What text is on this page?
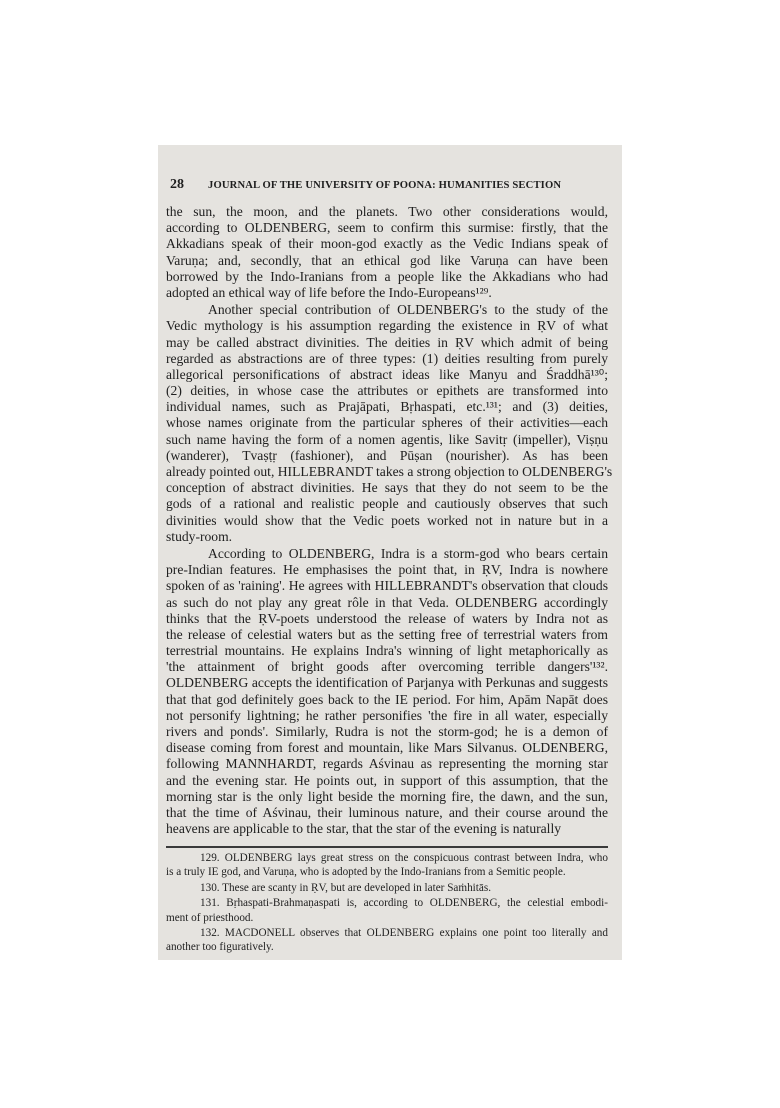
28 JOURNAL OF THE UNIVERSITY OF POONA: HUMANITIES SECTION
the sun, the moon, and the planets. Two other considerations would,
according to OLDENBERG, seem to confirm this surmise: firstly, that the
Akkadians speak of their moon-god exactly as the Vedic Indians speak of
Varuṇa; and, secondly, that an ethical god like Varuṇa can have been
borrowed by the Indo-Iranians from a people like the Akkadians who had
adopted an ethical way of life before the Indo-Europeans¹²⁹.
Another special contribution of OLDENBERG's to the study of the
Vedic mythology is his assumption regarding the existence in ṚV of what
may be called abstract divinities. The deities in ṚV which admit of being
regarded as abstractions are of three types: (1) deities resulting from purely
allegorical personifications of abstract ideas like Manyu and Śraddhā¹³⁰;
(2) deities, in whose case the attributes or epithets are transformed into
individual names, such as Prajāpati, Bṛhaspati, etc.¹³¹; and (3) deities,
whose names originate from the particular spheres of their activities—each
such name having the form of a nomen agentis, like Savitṛ (impeller), Viṣṇu
(wanderer), Tvaṣṭṛ (fashioner), and Pūṣan (nourisher). As has been
already pointed out, HILLEBRANDT takes a strong objection to OLDENBERG's
conception of abstract divinities. He says that they do not seem to be the
gods of a rational and realistic people and cautiously observes that such
divinities would show that the Vedic poets worked not in nature but in a
study-room.
According to OLDENBERG, Indra is a storm-god who bears certain
pre-Indian features. He emphasises the point that, in ṚV, Indra is nowhere
spoken of as 'raining'. He agrees with HILLEBRANDT's observation that clouds
as such do not play any great rôle in that Veda. OLDENBERG accordingly
thinks that the ṚV-poets understood the release of waters by Indra not as
the release of celestial waters but as the setting free of terrestrial waters from
terrestrial mountains. He explains Indra's winning of light metaphorically as
'the attainment of bright goods after overcoming terrible dangers'¹³².
OLDENBERG accepts the identification of Parjanya with Perkunas and suggests
that that god definitely goes back to the IE period. For him, Apām Napāt does
not personify lightning; he rather personifies 'the fire in all water, especially
rivers and ponds'. Similarly, Rudra is not the storm-god; he is a demon of
disease coming from forest and mountain, like Mars Silvanus. OLDENBERG,
following MANNHARDT, regards Aśvinau as representing the morning star
and the evening star. He points out, in support of this assumption, that the
morning star is the only light beside the morning fire, the dawn, and the sun,
that the time of Aśvinau, their luminous nature, and their course around the
heavens are applicable to the star, that the star of the evening is naturally
129. OLDENBERG lays great stress on the conspicuous contrast between Indra, who
is a truly IE god, and Varuṇa, who is adopted by the Indo-Iranians from a Semitic people.
130. These are scanty in ṚV, but are developed in later Saṁhitās.
131. Bṛhaspati-Brahmaṇaspati is, according to OLDENBERG, the celestial embodi-
ment of priesthood.
132. MACDONELL observes that OLDENBERG explains one point too literally and
another too figuratively.
